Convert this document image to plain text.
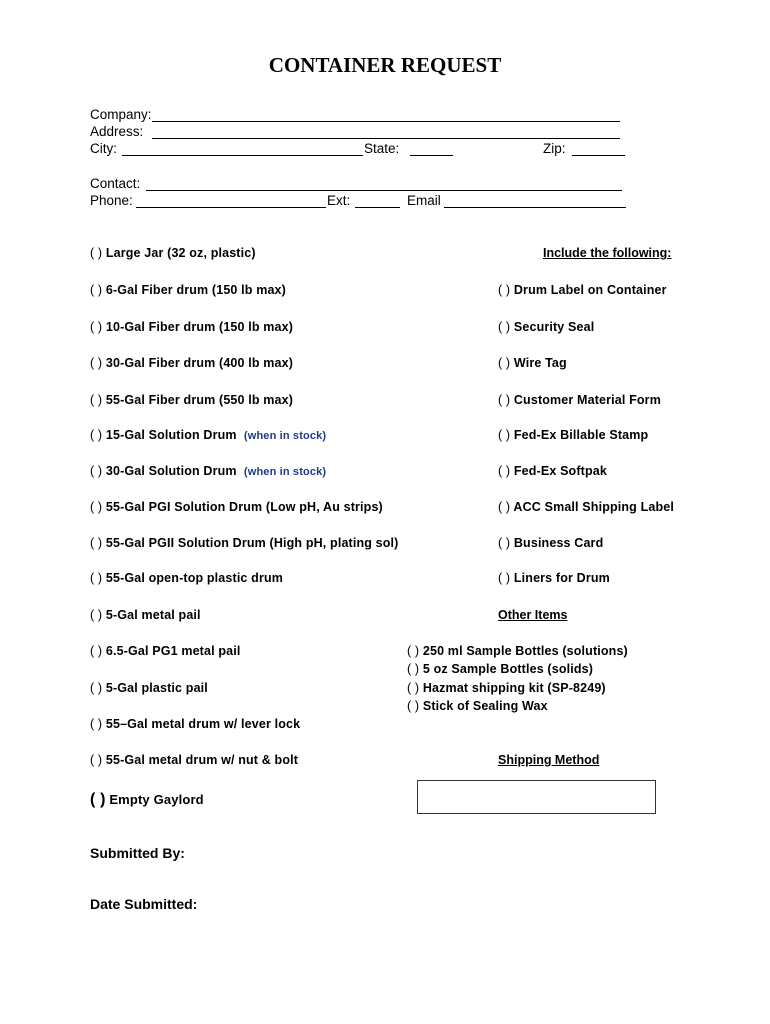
CONTAINER REQUEST
Company:
Address:
City:	State:	Zip:
Contact:
Phone:	Ext:	Email
( ) Large Jar (32 oz, plastic)
( ) 6-Gal Fiber drum (150 lb max)
( ) 10-Gal Fiber drum (150 lb max)
( ) 30-Gal Fiber drum (400 lb max)
( ) 55-Gal Fiber drum (550 lb max)
( ) 15-Gal Solution Drum (when in stock)
( ) 30-Gal Solution Drum (when in stock)
( ) 55-Gal PGI Solution Drum (Low pH, Au strips)
( ) 55-Gal PGII Solution Drum (High pH, plating sol)
( ) 55-Gal open-top plastic drum
( ) 5-Gal metal pail
( ) 6.5-Gal PG1 metal pail
( ) 5-Gal plastic pail
( ) 55–Gal metal drum w/ lever lock
( ) 55-Gal metal drum w/ nut & bolt
( ) Empty Gaylord
Include the following:
( ) Drum Label on Container
( ) Security Seal
( ) Wire Tag
( ) Customer Material Form
( ) Fed-Ex Billable Stamp
( ) Fed-Ex Softpak
( ) ACC Small Shipping Label
( ) Business Card
( ) Liners for Drum
Other Items
( ) 250 ml Sample Bottles (solutions)
( ) 5 oz Sample Bottles (solids)
( ) Hazmat shipping kit (SP-8249)
( ) Stick of Sealing Wax
Shipping Method
Submitted By:
Date Submitted:
